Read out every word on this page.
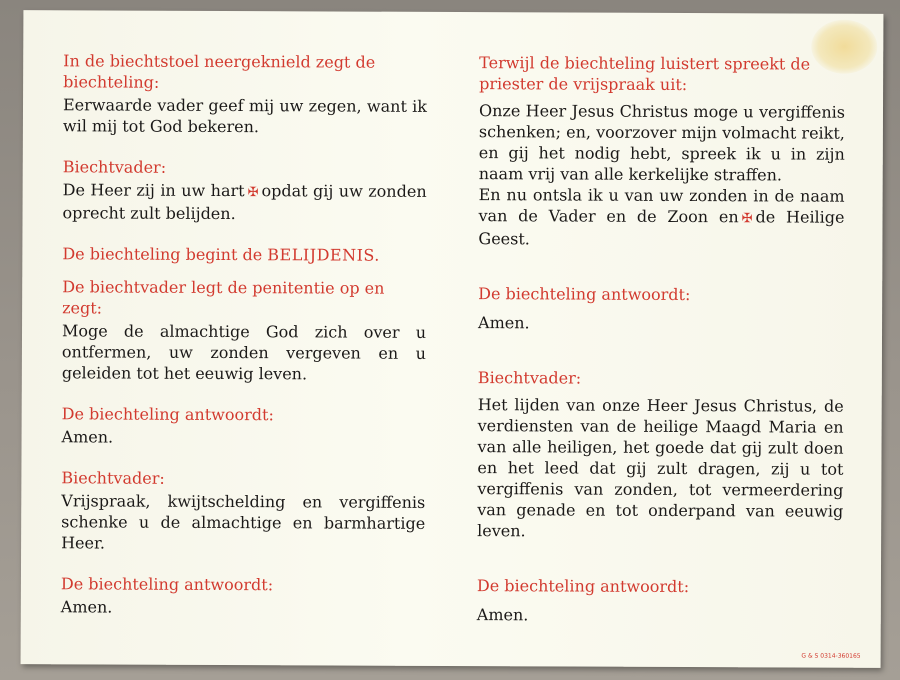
In de biechtstoel neergeknield zegt de biechteling:

Eerwaarde vader geef mij uw zegen, want ik wil mij tot God bekeren.

Biechtvader:

De Heer zij in uw hart ✠ opdat gij uw zonden oprecht zult belijden.

De biechteling begint de BELIJDENIS.

De biechtvader legt de penitentie op en zegt:

Moge de almachtige God zich over u ontfermen, uw zonden vergeven en u geleiden tot het eeuwig leven.

De biechteling antwoordt:

Amen.

Biechtvader:

Vrijspraak, kwijtschelding en vergiffenis schenke u de almachtige en barmhartige Heer.

De biechteling antwoordt:

Amen.

Terwijl de biechteling luistert spreekt de priester de vrijspraak uit:

Onze Heer Jesus Christus moge u vergiffenis schenken; en, voorzover mijn volmacht reikt, en gij het nodig hebt, spreek ik u in zijn naam vrij van alle kerkelijke straffen.

En nu ontsla ik u van uw zonden in de naam van de Vader en de Zoon en ✠ de Heilige Geest.

De biechteling antwoordt:

Amen.

Biechtvader:

Het lijden van onze Heer Jesus Christus, de verdiensten van de heilige Maagd Maria en van alle heiligen, het goede dat gij zult doen en het leed dat gij zult dragen, zij u tot vergiffenis van zonden, tot vermeerdering van genade en tot onderpand van eeuwig leven.

De biechteling antwoordt:

Amen.

G & S 0314-360165
